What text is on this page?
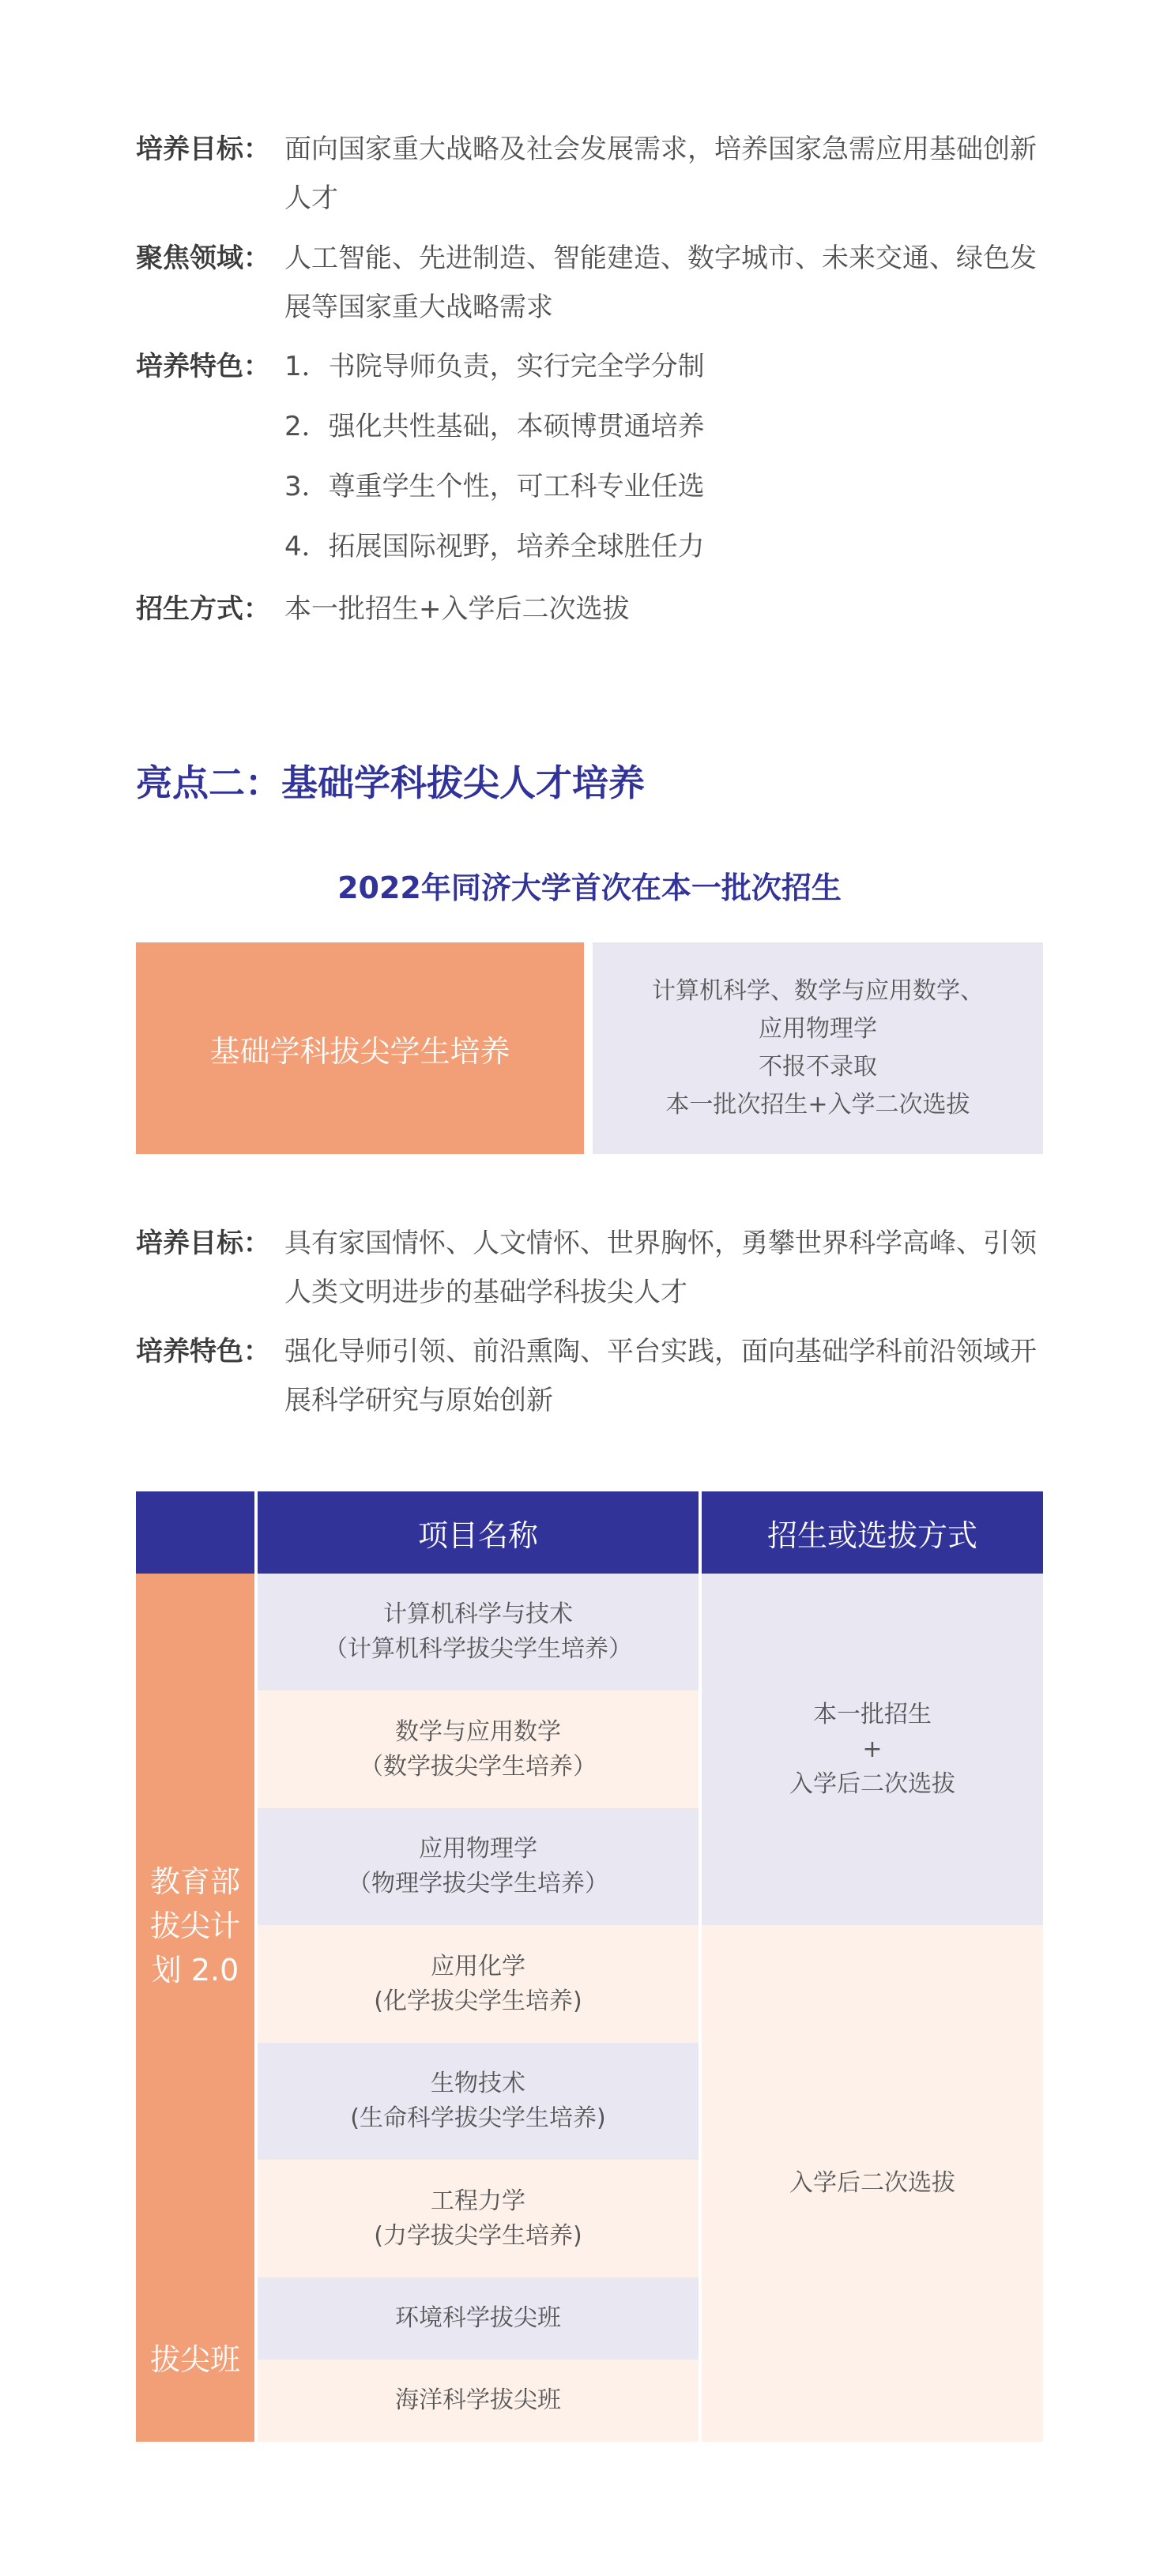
培养目标： 面向国家重大战略及社会发展需求，培养国家急需应用基础创新人才
聚焦领域： 人工智能、先进制造、智能建造、数字城市、未来交通、绿色发展等国家重大战略需求
培养特色： 1．书院导师负责，实行完全学分制
2．强化共性基础，本硕博贯通培养
3．尊重学生个性，可工科专业任选
4．拓展国际视野，培养全球胜任力
招生方式： 本一批招生+入学后二次选拔
亮点二：基础学科拔尖人才培养
2022年同济大学首次在本一批次招生
基础学科拔尖学生培养
计算机科学、数学与应用数学、
应用物理学
不报不录取
本一批次招生+入学二次选拔
培养目标： 具有家国情怀、人文情怀、世界胸怀，勇攀世界科学高峰、引领人类文明进步的基础学科拔尖人才
培养特色： 强化导师引领、前沿熏陶、平台实践，面向基础学科前沿领域开展科学研究与原始创新
项目名称	招生或选拔方式
教育部
拔尖计
划 2.0
拔尖班
计算机科学与技术
（计算机科学拔尖学生培养）
数学与应用数学
（数学拔尖学生培养）
应用物理学
（物理学拔尖学生培养）
应用化学
(化学拔尖学生培养)
生物技术
(生命科学拔尖学生培养)
工程力学
(力学拔尖学生培养)
环境科学拔尖班
海洋科学拔尖班
本一批招生
+
入学后二次选拔
入学后二次选拔
